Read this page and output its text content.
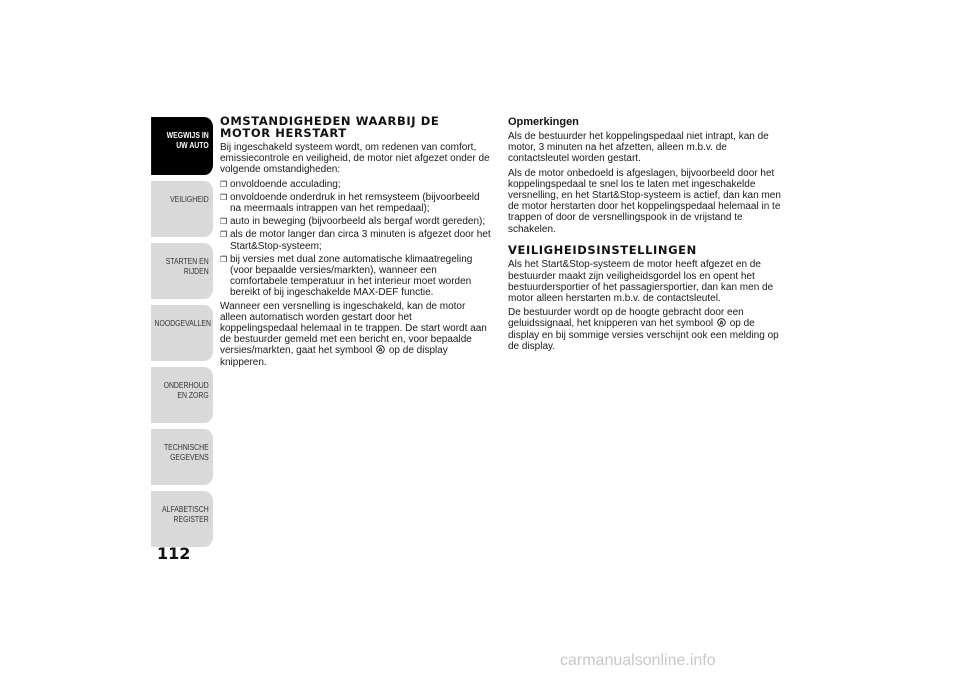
WEGWIJS IN UW AUTO
VEILIGHEID
STARTEN EN RIJDEN
NOODGEVALLEN
ONDERHOUD EN ZORG
TECHNISCHE GEGEVENS
ALFABETISCH REGISTER
112
OMSTANDIGHEDEN WAARBIJ DE MOTOR HERSTART

Bij ingeschakeld systeem wordt, om redenen van comfort, emissiecontrole en veiligheid, de motor niet afgezet onder de volgende omstandigheden:

❒ onvoldoende acculading;
❒ onvoldoende onderdruk in het remsysteem (bijvoorbeeld na meermaals intrappen van het rempedaal);
❒ auto in beweging (bijvoorbeeld als bergaf wordt gereden);
❒ als de motor langer dan circa 3 minuten is afgezet door het Start&Stop-systeem;
❒ bij versies met dual zone automatische klimaatregeling (voor bepaalde versies/markten), wanneer een comfortabele temperatuur in het interieur moet worden bereikt of bij ingeschakelde MAX-DEF functie.

Wanneer een versnelling is ingeschakeld, kan de motor alleen automatisch worden gestart door het koppelingspedaal helemaal in te trappen. De start wordt aan de bestuurder gemeld met een bericht en, voor bepaalde versies/markten, gaat het symbool A op de display knipperen.

Opmerkingen

Als de bestuurder het koppelingspedaal niet intrapt, kan de motor, 3 minuten na het afzetten, alleen m.b.v. de contactsleutel worden gestart.

Als de motor onbedoeld is afgeslagen, bijvoorbeeld door het koppelingspedaal te snel los te laten met ingeschakelde versnelling, en het Start&Stop-systeem is actief, dan kan men de motor herstarten door het koppelingspedaal helemaal in te trappen of door de versnellingspook in de vrijstand te schakelen.

VEILIGHEIDSINSTELLINGEN

Als het Start&Stop-systeem de motor heeft afgezet en de bestuurder maakt zijn veiligheidsgordel los en opent het bestuurdersportier of het passagiersportier, dan kan men de motor alleen herstarten m.b.v. de contactsleutel.

De bestuurder wordt op de hoogte gebracht door een geluidssignaal, het knipperen van het symbool A op de display en bij sommige versies verschijnt ook een melding op de display.

carmanualsonline.info
